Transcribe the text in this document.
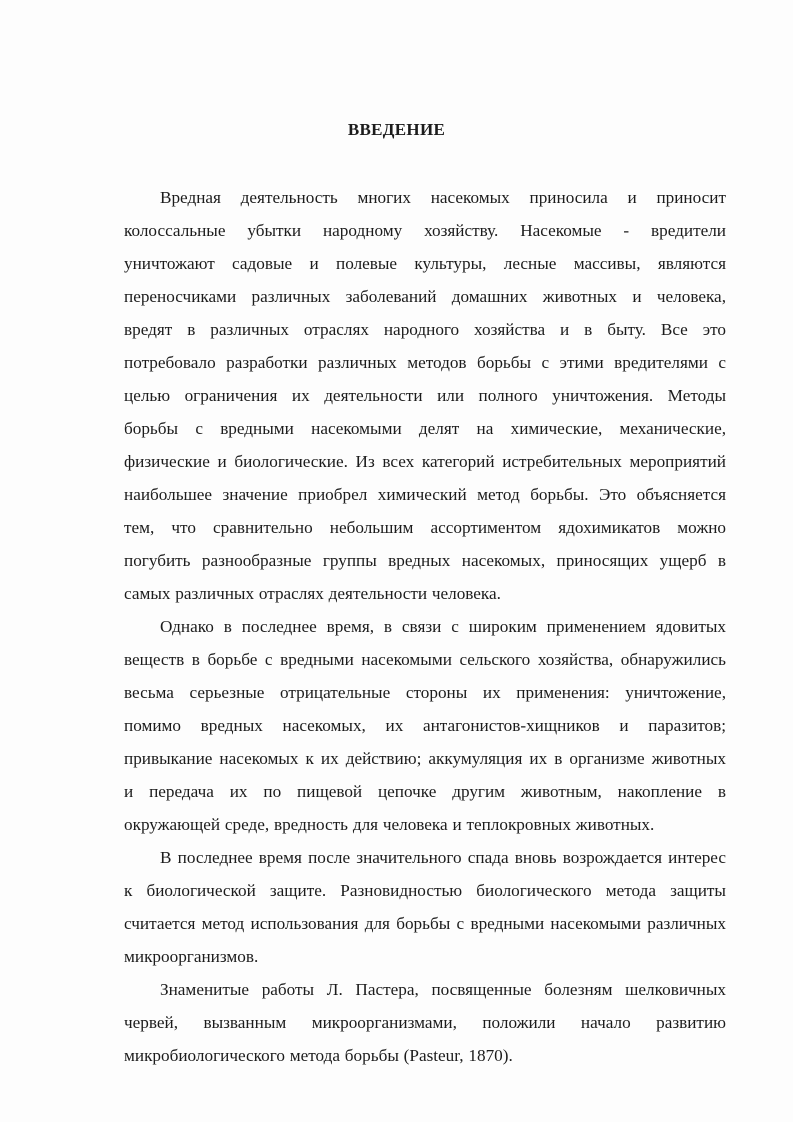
ВВЕДЕНИЕ
Вредная деятельность многих насекомых приносила и приносит
колоссальные убытки народному хозяйству. Насекомые - вредители
уничтожают садовые и полевые культуры, лесные массивы, являются
переносчиками различных заболеваний домашних животных и человека,
вредят в различных отраслях народного хозяйства и в быту. Все это
потребовало разработки различных методов борьбы с этими вредителями с
целью ограничения их деятельности или полного уничтожения. Методы
борьбы с вредными насекомыми делят на химические, механические,
физические и биологические. Из всех категорий истребительных мероприятий
наибольшее значение приобрел химический метод борьбы. Это объясняется
тем, что сравнительно небольшим ассортиментом ядохимикатов можно
погубить разнообразные группы вредных насекомых, приносящих ущерб в
самых различных отраслях деятельности человека.
Однако в последнее время, в связи с широким применением ядовитых
веществ в борьбе с вредными насекомыми сельского хозяйства, обнаружились
весьма серьезные отрицательные стороны их применения: уничтожение,
помимо вредных насекомых, их антагонистов-хищников и паразитов;
привыкание насекомых к их действию; аккумуляция их в организме животных
и передача их по пищевой цепочке другим животным, накопление в
окружающей среде, вредность для человека и теплокровных животных.
В последнее время после значительного спада вновь возрождается интерес
к биологической защите. Разновидностью биологического метода защиты
считается метод использования для борьбы с вредными насекомыми различных
микроорганизмов.
Знаменитые работы Л. Пастера, посвященные болезням шелковичных
червей, вызванным микроорганизмами, положили начало развитию
микробиологического метода борьбы (Pasteur, 1870).
